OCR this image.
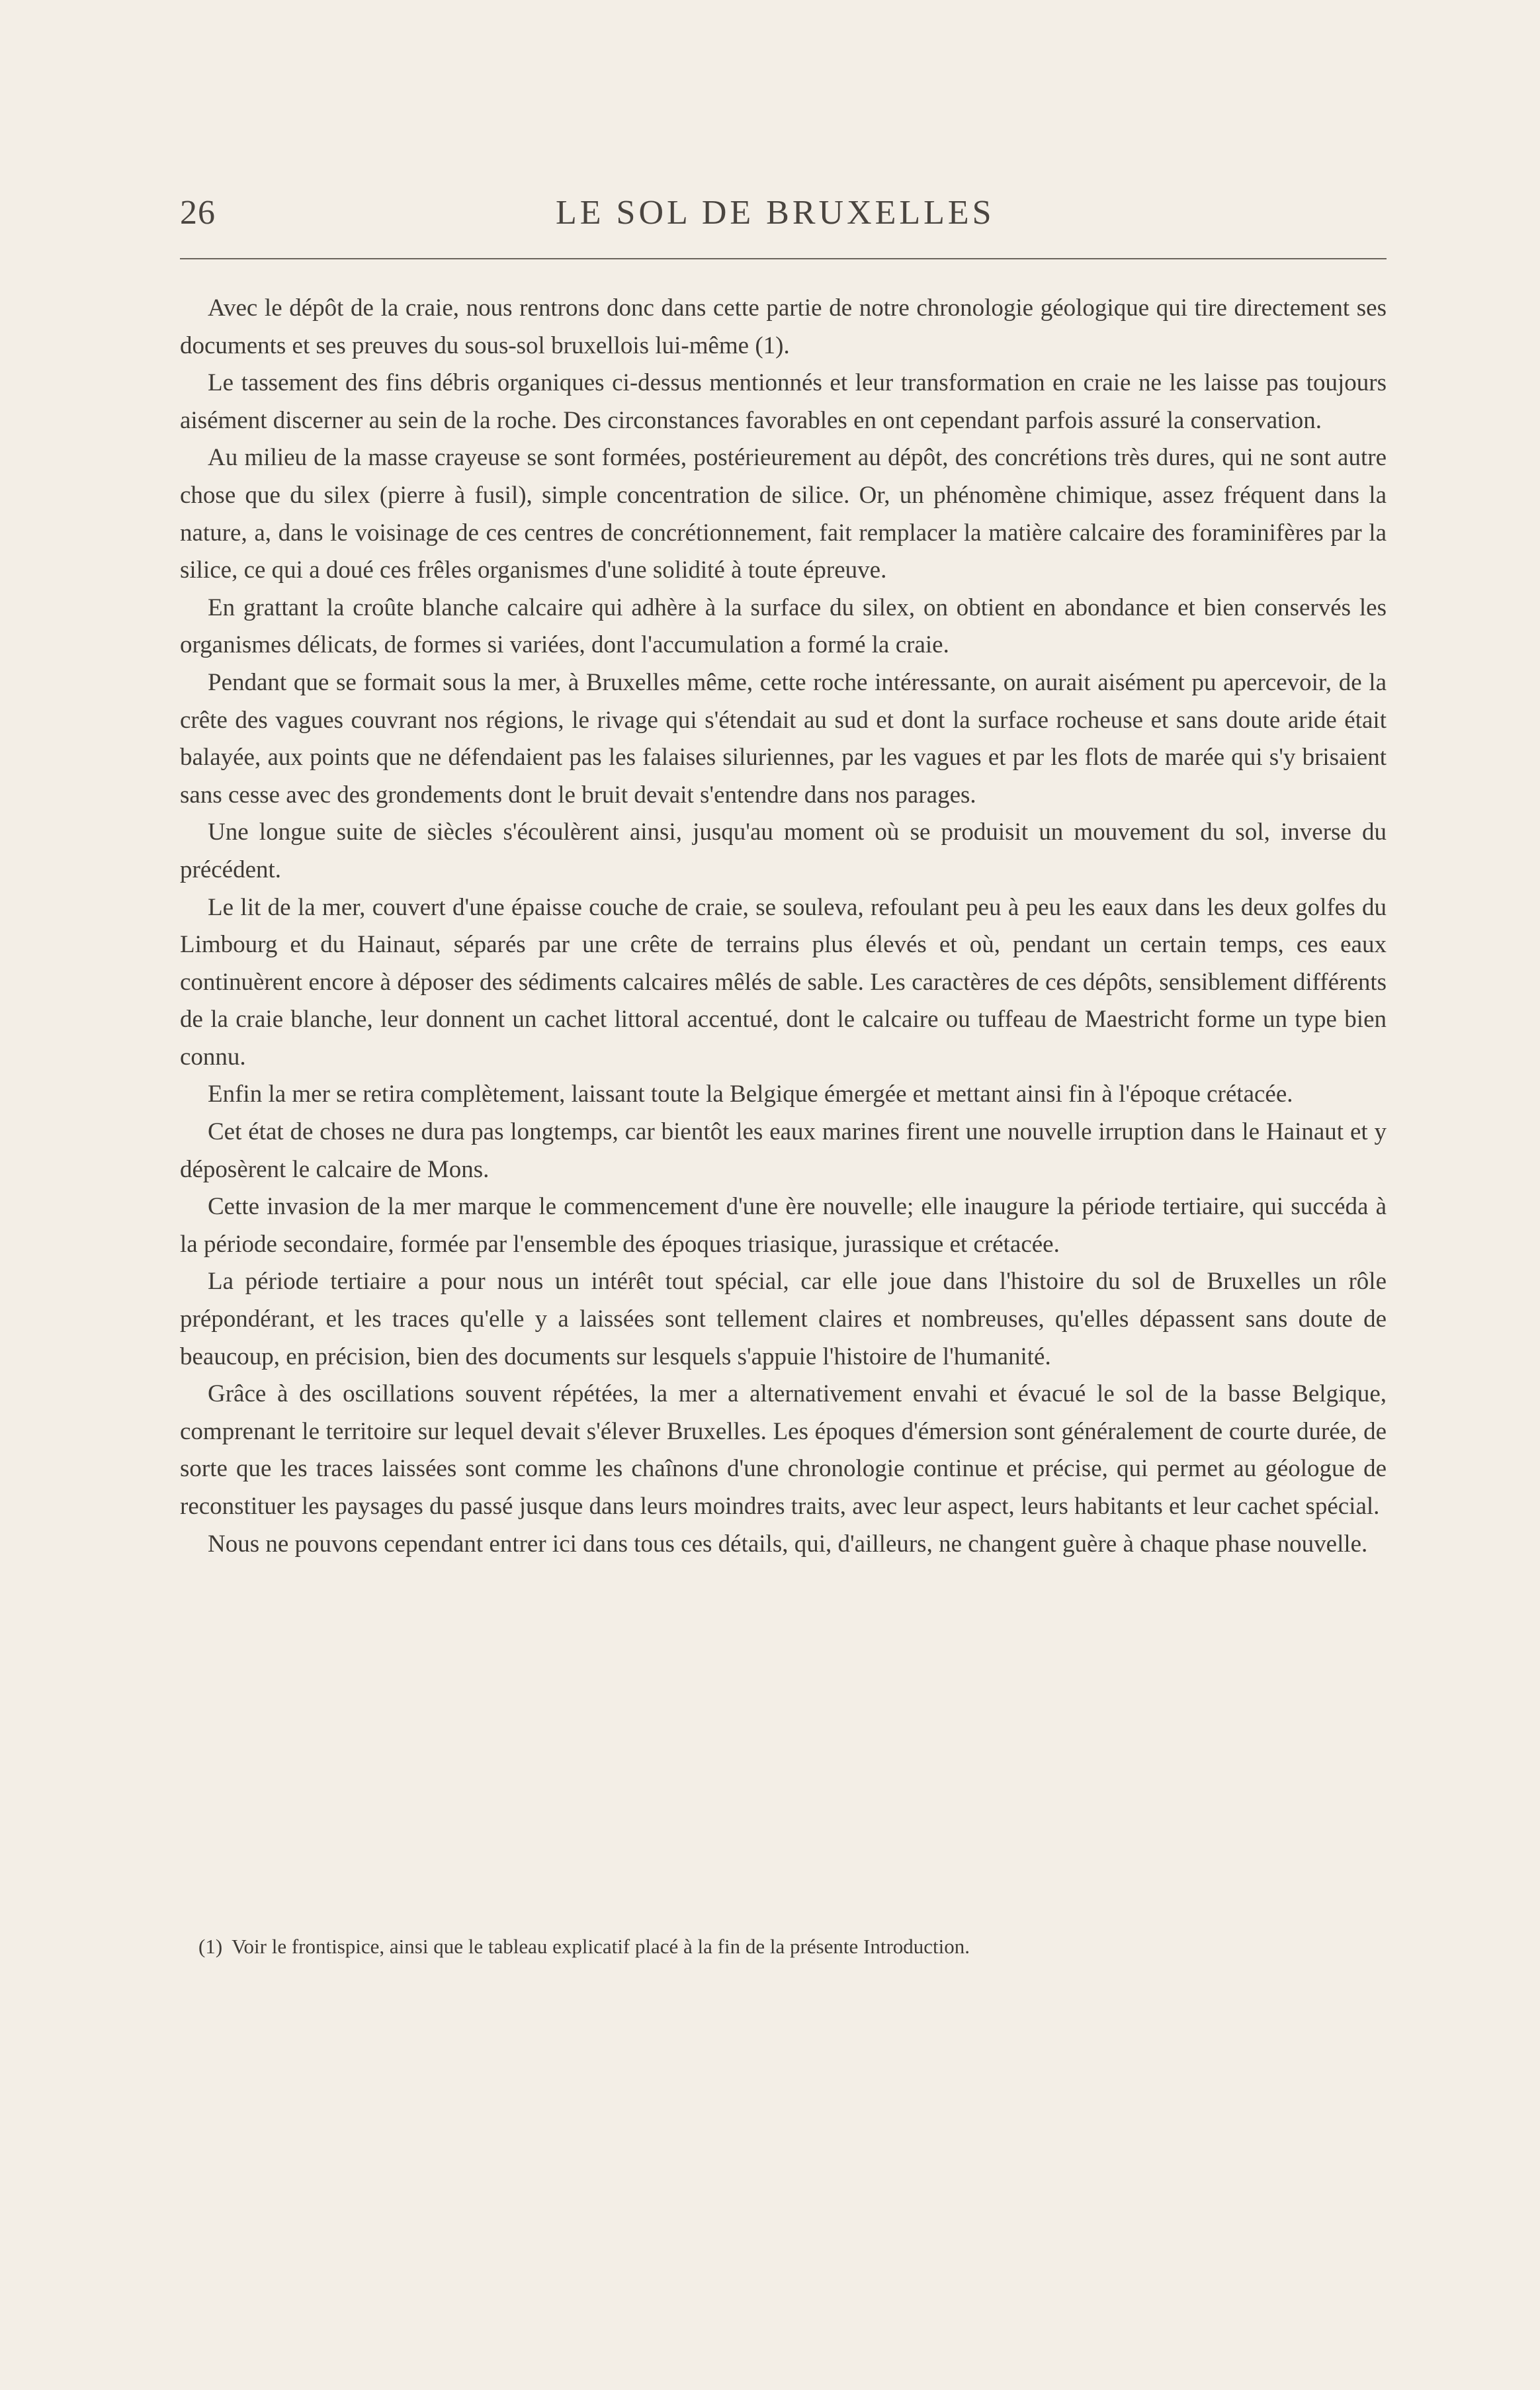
26	LE SOL DE BRUXELLES

Avec le dépôt de la craie, nous rentrons donc dans cette partie de notre chronologie géologique qui tire directement ses documents et ses preuves du sous-sol bruxellois lui-même (1).

Le tassement des fins débris organiques ci-dessus mentionnés et leur transformation en craie ne les laisse pas toujours aisément discerner au sein de la roche. Des circonstances favorables en ont cependant parfois assuré la conservation.

Au milieu de la masse crayeuse se sont formées, postérieurement au dépôt, des concrétions très dures, qui ne sont autre chose que du silex (pierre à fusil), simple concentration de silice. Or, un phénomène chimique, assez fréquent dans la nature, a, dans le voisinage de ces centres de concrétionnement, fait remplacer la matière calcaire des foraminifères par la silice, ce qui a doué ces frêles organismes d'une solidité à toute épreuve.

En grattant la croûte blanche calcaire qui adhère à la surface du silex, on obtient en abondance et bien conservés les organismes délicats, de formes si variées, dont l'accumulation a formé la craie.

Pendant que se formait sous la mer, à Bruxelles même, cette roche intéressante, on aurait aisément pu apercevoir, de la crête des vagues couvrant nos régions, le rivage qui s'étendait au sud et dont la surface rocheuse et sans doute aride était balayée, aux points que ne défendaient pas les falaises siluriennes, par les vagues et par les flots de marée qui s'y brisaient sans cesse avec des grondements dont le bruit devait s'entendre dans nos parages.

Une longue suite de siècles s'écoulèrent ainsi, jusqu'au moment où se produisit un mouvement du sol, inverse du précédent.

Le lit de la mer, couvert d'une épaisse couche de craie, se souleva, refoulant peu à peu les eaux dans les deux golfes du Limbourg et du Hainaut, séparés par une crête de terrains plus élevés et où, pendant un certain temps, ces eaux continuèrent encore à déposer des sédiments calcaires mêlés de sable. Les caractères de ces dépôts, sensiblement différents de la craie blanche, leur donnent un cachet littoral accentué, dont le calcaire ou tuffeau de Maestricht forme un type bien connu.

Enfin la mer se retira complètement, laissant toute la Belgique émergée et mettant ainsi fin à l'époque crétacée.

Cet état de choses ne dura pas longtemps, car bientôt les eaux marines firent une nouvelle irruption dans le Hainaut et y déposèrent le calcaire de Mons.

Cette invasion de la mer marque le commencement d'une ère nouvelle; elle inaugure la période tertiaire, qui succéda à la période secondaire, formée par l'ensemble des époques triasique, jurassique et crétacée.

La période tertiaire a pour nous un intérêt tout spécial, car elle joue dans l'histoire du sol de Bruxelles un rôle prépondérant, et les traces qu'elle y a laissées sont tellement claires et nombreuses, qu'elles dépassent sans doute de beaucoup, en précision, bien des documents sur lesquels s'appuie l'histoire de l'humanité.

Grâce à des oscillations souvent répétées, la mer a alternativement envahi et évacué le sol de la basse Belgique, comprenant le territoire sur lequel devait s'élever Bruxelles. Les époques d'émersion sont généralement de courte durée, de sorte que les traces laissées sont comme les chaînons d'une chronologie continue et précise, qui permet au géologue de reconstituer les paysages du passé jusque dans leurs moindres traits, avec leur aspect, leurs habitants et leur cachet spécial.

Nous ne pouvons cependant entrer ici dans tous ces détails, qui, d'ailleurs, ne changent guère à chaque phase nouvelle.

(1) Voir le frontispice, ainsi que le tableau explicatif placé à la fin de la présente Introduction.
